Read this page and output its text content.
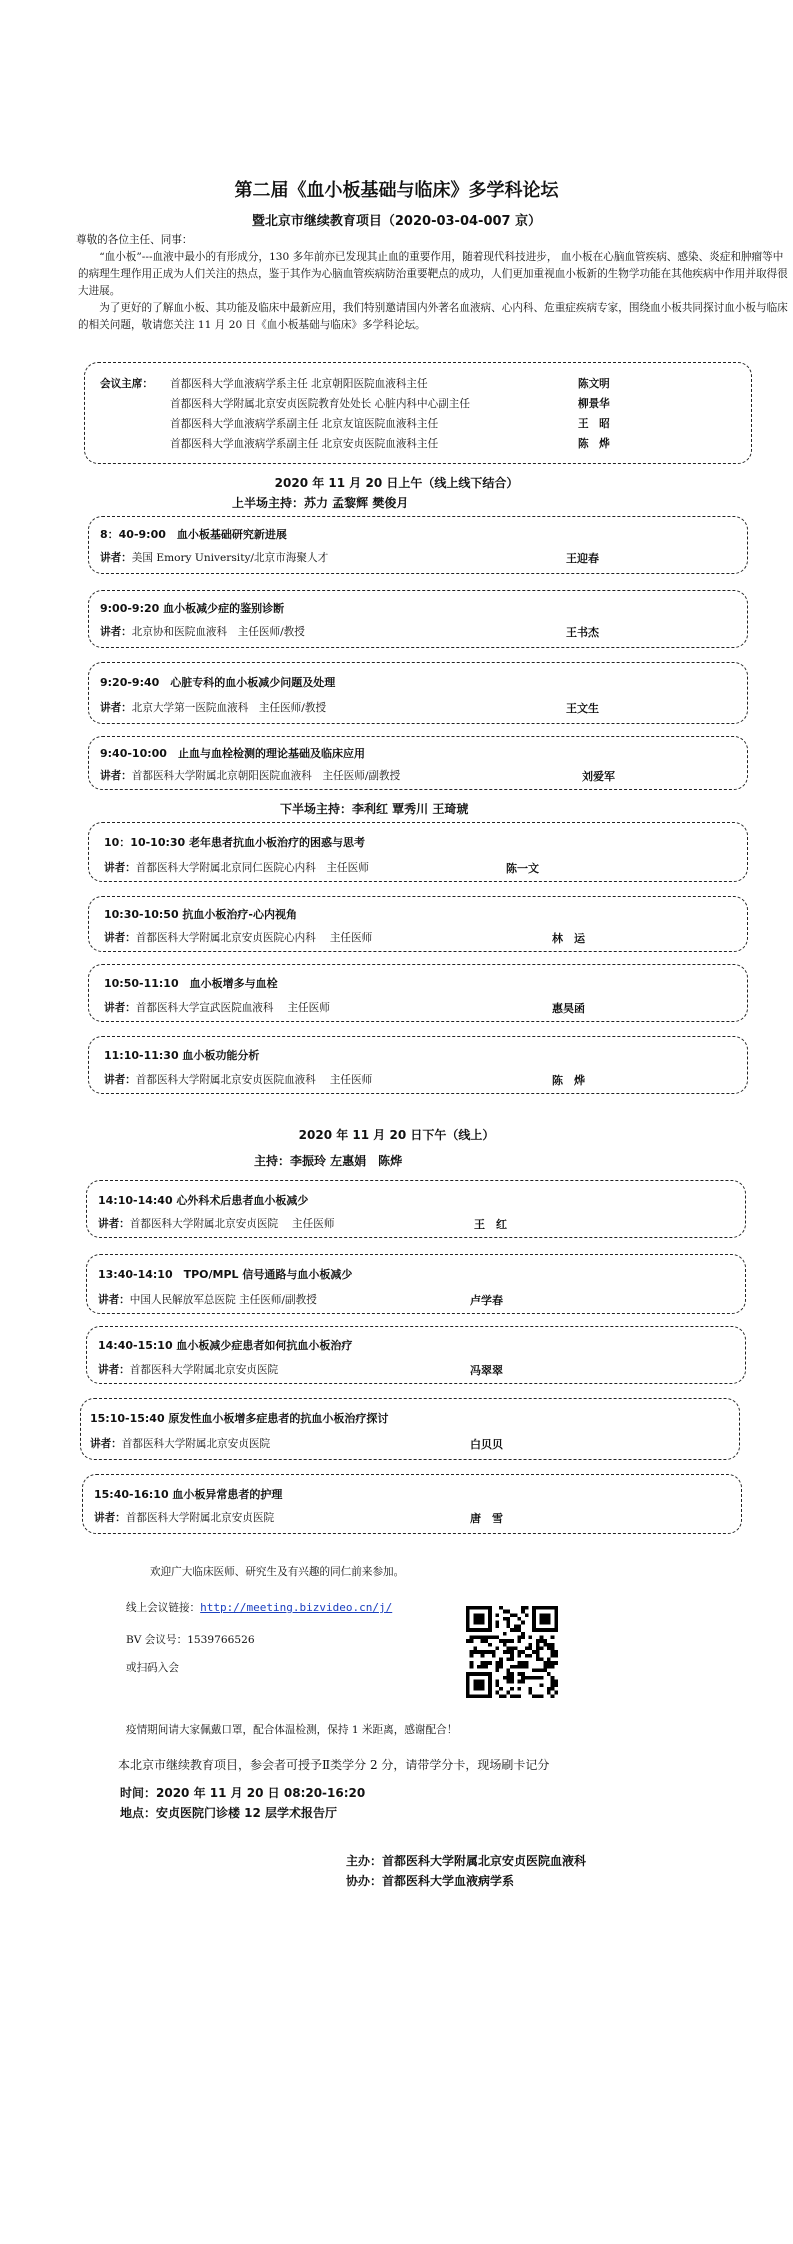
第二届《血小板基础与临床》多学科论坛
暨北京市继续教育项目（2020-03-04-007 京）

尊敬的各位主任、同事：

“血小板”---血液中最小的有形成分，130 多年前亦已发现其止血的重要作用，随着现代科技进步， 血小板在心脑血管疾病、感染、炎症和肿瘤等中的病理生理作用正成为人们关注的热点，鉴于其作为心脑血管疾病防治重要靶点的成功，人们更加重视血小板新的生物学功能在其他疾病中作用并取得很大进展。

为了更好的了解血小板、其功能及临床中最新应用，我们特别邀请国内外著名血液病、心内科、危重症疾病专家，围绕血小板共同探讨血小板与临床的相关问题，敬请您关注 11 月 20 日《血小板基础与临床》多学科论坛。

会议主席： 首都医科大学血液病学系主任 北京朝阳医院血液科主任	陈文明
首都医科大学附属北京安贞医院教育处处长 心脏内科中心副主任	柳景华
首都医科大学血液病学系副主任 北京友谊医院血液科主任	王　昭
首都医科大学血液病学系副主任 北京安贞医院血液科主任	陈　烨
2020 年 11 月 20 日上午（线上线下结合）
上半场主持：苏力 孟黎辉 樊俊月
8：40-9:00　血小板基础研究新进展
讲者：美国 Emory University/北京市海聚人才	王迎春
9:00-9:20 血小板减少症的鉴别诊断
讲者：北京协和医院血液科　主任医师/教授	王书杰
9:20-9:40　心脏专科的血小板减少问题及处理
讲者：北京大学第一医院血液科　主任医师/教授	王文生
9:40-10:00　止血与血栓检测的理论基础及临床应用
讲者：首都医科大学附属北京朝阳医院血液科　主任医师/副教授	刘爱军
下半场主持：李利红 覃秀川 王琦琥
10：10-10:30 老年患者抗血小板治疗的困惑与思考
讲者：首都医科大学附属北京同仁医院心内科　主任医师	陈一文
10:30-10:50 抗血小板治疗-心内视角
讲者：首都医科大学附属北京安贞医院心内科　 主任医师	林　运
10:50-11:10　血小板增多与血栓
讲者：首都医科大学宣武医院血液科　 主任医师	惠昊函
11:10-11:30 血小板功能分析
讲者：首都医科大学附属北京安贞医院血液科　 主任医师	陈　烨
2020 年 11 月 20 日下午（线上）
主持：李振玲 左惠娟　陈烨
14:10-14:40 心外科术后患者血小板减少
讲者：首都医科大学附属北京安贞医院　 主任医师	王　红
13:40-14:10　TPO/MPL 信号通路与血小板减少
讲者：中国人民解放军总医院 主任医师/副教授	卢学春
14:40-15:10 血小板减少症患者如何抗血小板治疗
讲者：首都医科大学附属北京安贞医院	冯翠翠
15:10-15:40 原发性血小板增多症患者的抗血小板治疗探讨
讲者：首都医科大学附属北京安贞医院	白贝贝
15:40-16:10 血小板异常患者的护理
讲者：首都医科大学附属北京安贞医院	唐　雪
欢迎广大临床医师、研究生及有兴趣的同仁前来参加。
线上会议链接：http://meeting.bizvideo.cn/j/
BV 会议号：1539766526
或扫码入会
疫情期间请大家佩戴口罩，配合体温检测，保持 1 米距离，感谢配合！
本北京市继续教育项目，参会者可授予Ⅱ类学分 2 分，请带学分卡，现场刷卡记分
时间：2020 年 11 月 20 日 08:20-16:20
地点：安贞医院门诊楼 12 层学术报告厅
主办：首都医科大学附属北京安贞医院血液科
协办：首都医科大学血液病学系
